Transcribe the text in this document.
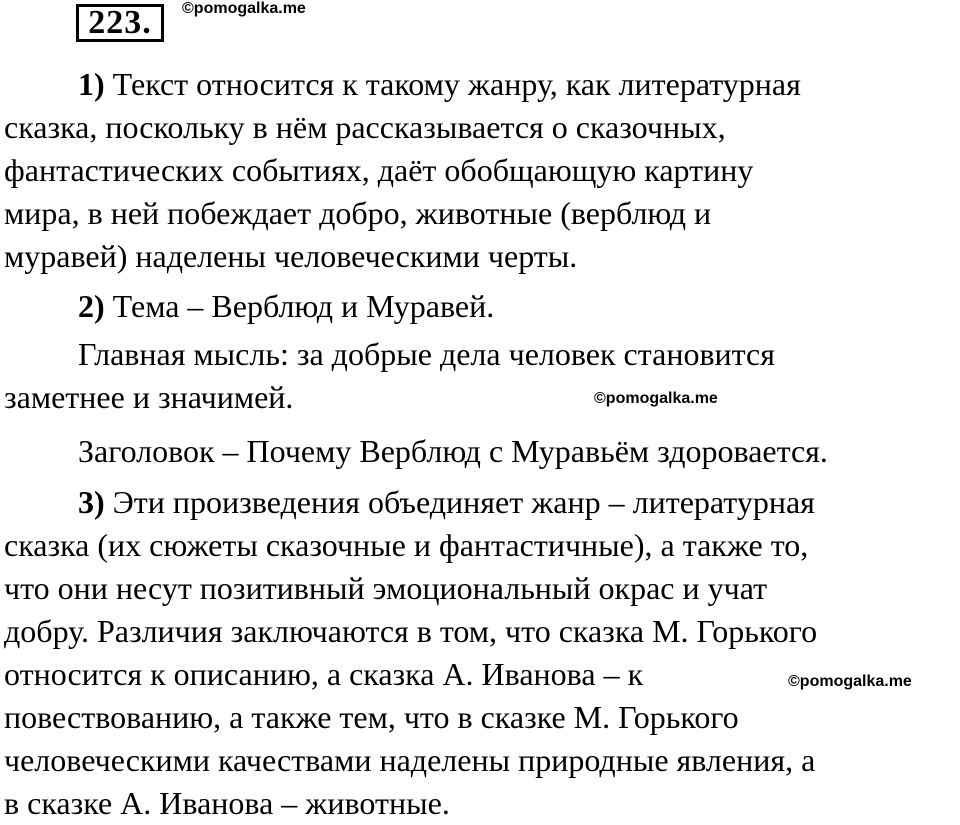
223.	©pomogalka.me
1) Текст относится к такому жанру, как литературная
сказка, поскольку в нём рассказывается о сказочных,
фантастических событиях, даёт обобщающую картину
мира, в ней побеждает добро, животные (верблюд и
муравей) наделены человеческими черты.
2) Тема – Верблюд и Муравей.
Главная мысль: за добрые дела человек становится
заметнее и значимей.	©pomogalka.me
Заголовок – Почему Верблюд с Муравьём здоровается.
3) Эти произведения объединяет жанр – литературная
сказка (их сюжеты сказочные и фантастичные), а также то,
что они несут позитивный эмоциональный окрас и учат
добру. Различия заключаются в том, что сказка М. Горького
относится к описанию, а сказка А. Иванова – к
повествованию, а также тем, что в сказке М. Горького
человеческими качествами наделены природные явления, а
в сказке А. Иванова – животные.
©pomogalka.me
